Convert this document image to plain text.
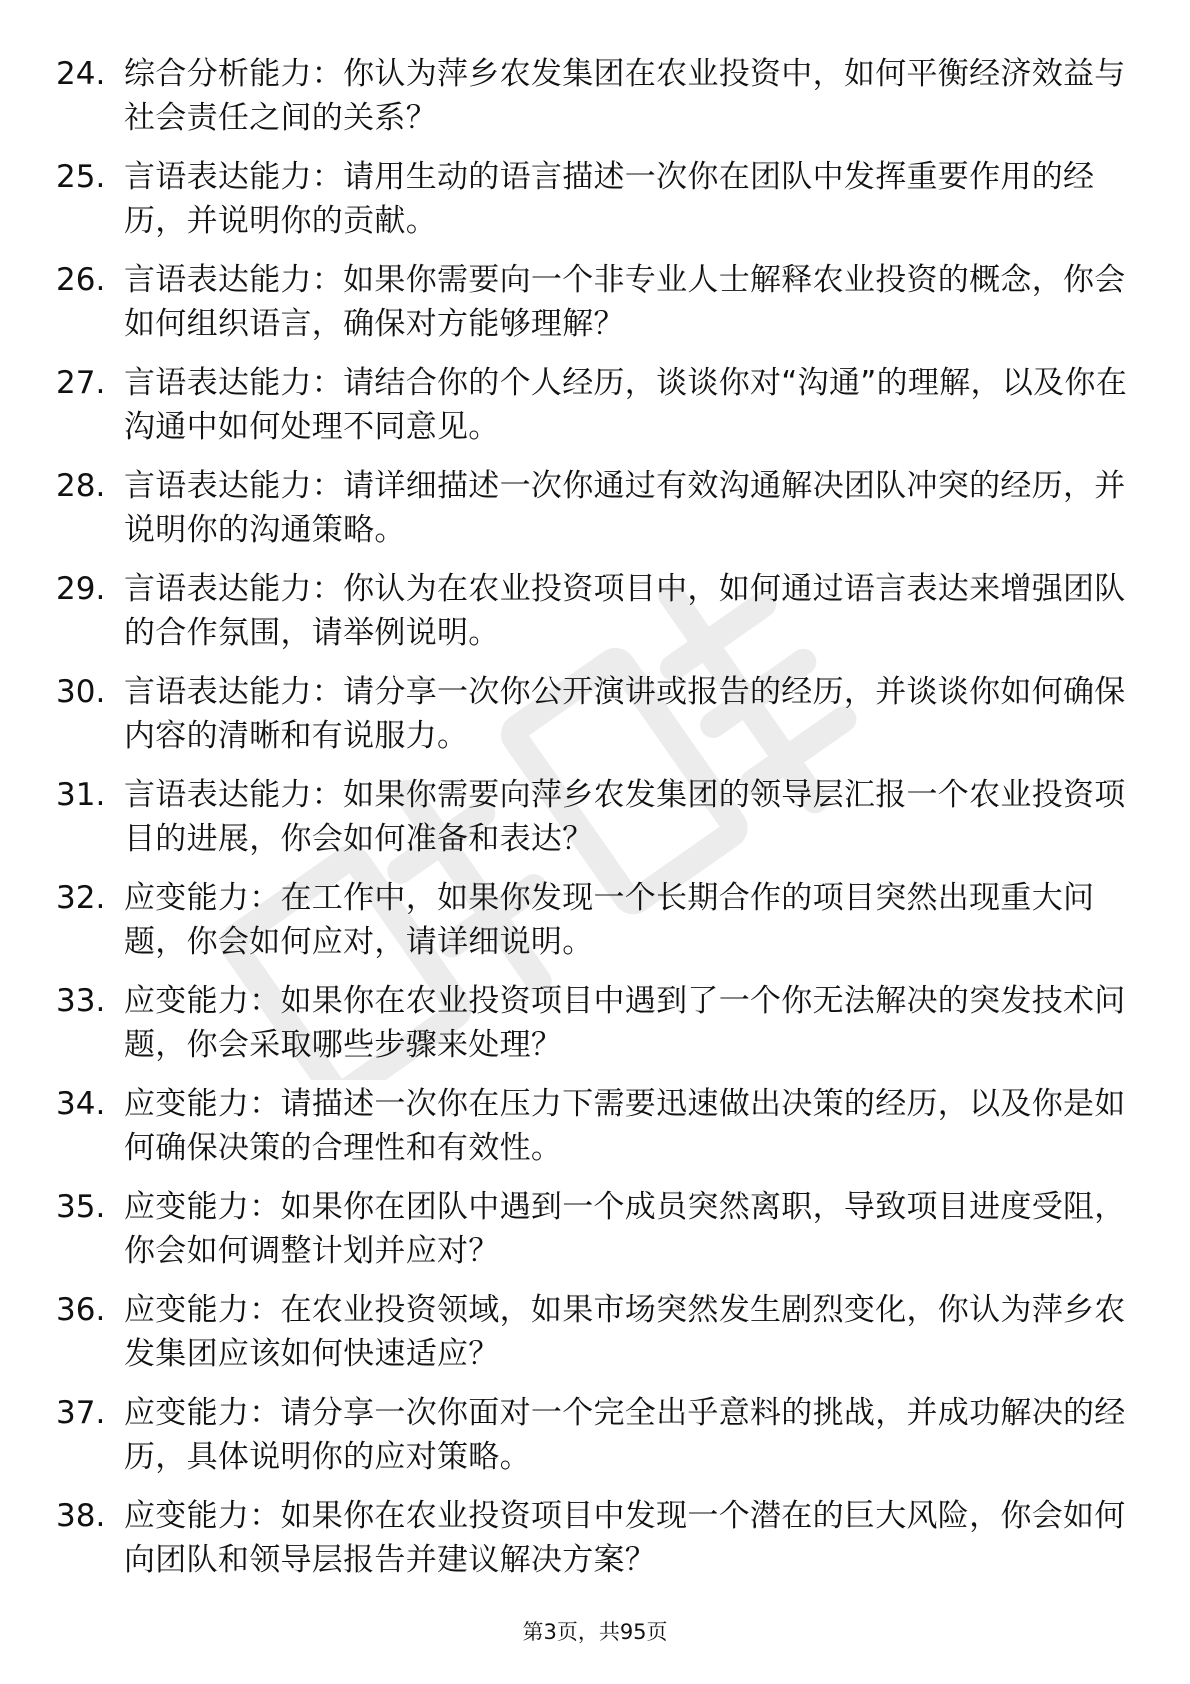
24. 综合分析能力：你认为萍乡农发集团在农业投资中，如何平衡经济效益与社会责任之间的关系？
25. 言语表达能力：请用生动的语言描述一次你在团队中发挥重要作用的经历，并说明你的贡献。
26. 言语表达能力：如果你需要向一个非专业人士解释农业投资的概念，你会如何组织语言，确保对方能够理解？
27. 言语表达能力：请结合你的个人经历，谈谈你对“沟通”的理解，以及你在沟通中如何处理不同意见。
28. 言语表达能力：请详细描述一次你通过有效沟通解决团队冲突的经历，并说明你的沟通策略。
29. 言语表达能力：你认为在农业投资项目中，如何通过语言表达来增强团队的合作氛围，请举例说明。
30. 言语表达能力：请分享一次你公开演讲或报告的经历，并谈谈你如何确保内容的清晰和有说服力。
31. 言语表达能力：如果你需要向萍乡农发集团的领导层汇报一个农业投资项目的进展，你会如何准备和表达？
32. 应变能力：在工作中，如果你发现一个长期合作的项目突然出现重大问题，你会如何应对，请详细说明。
33. 应变能力：如果你在农业投资项目中遇到了一个你无法解决的突发技术问题，你会采取哪些步骤来处理？
34. 应变能力：请描述一次你在压力下需要迅速做出决策的经历，以及你是如何确保决策的合理性和有效性。
35. 应变能力：如果你在团队中遇到一个成员突然离职，导致项目进度受阻，你会如何调整计划并应对？
36. 应变能力：在农业投资领域，如果市场突然发生剧烈变化，你认为萍乡农发集团应该如何快速适应？
37. 应变能力：请分享一次你面对一个完全出乎意料的挑战，并成功解决的经历，具体说明你的应对策略。
38. 应变能力：如果你在农业投资项目中发现一个潜在的巨大风险，你会如何向团队和领导层报告并建议解决方案？
第3页，共95页
